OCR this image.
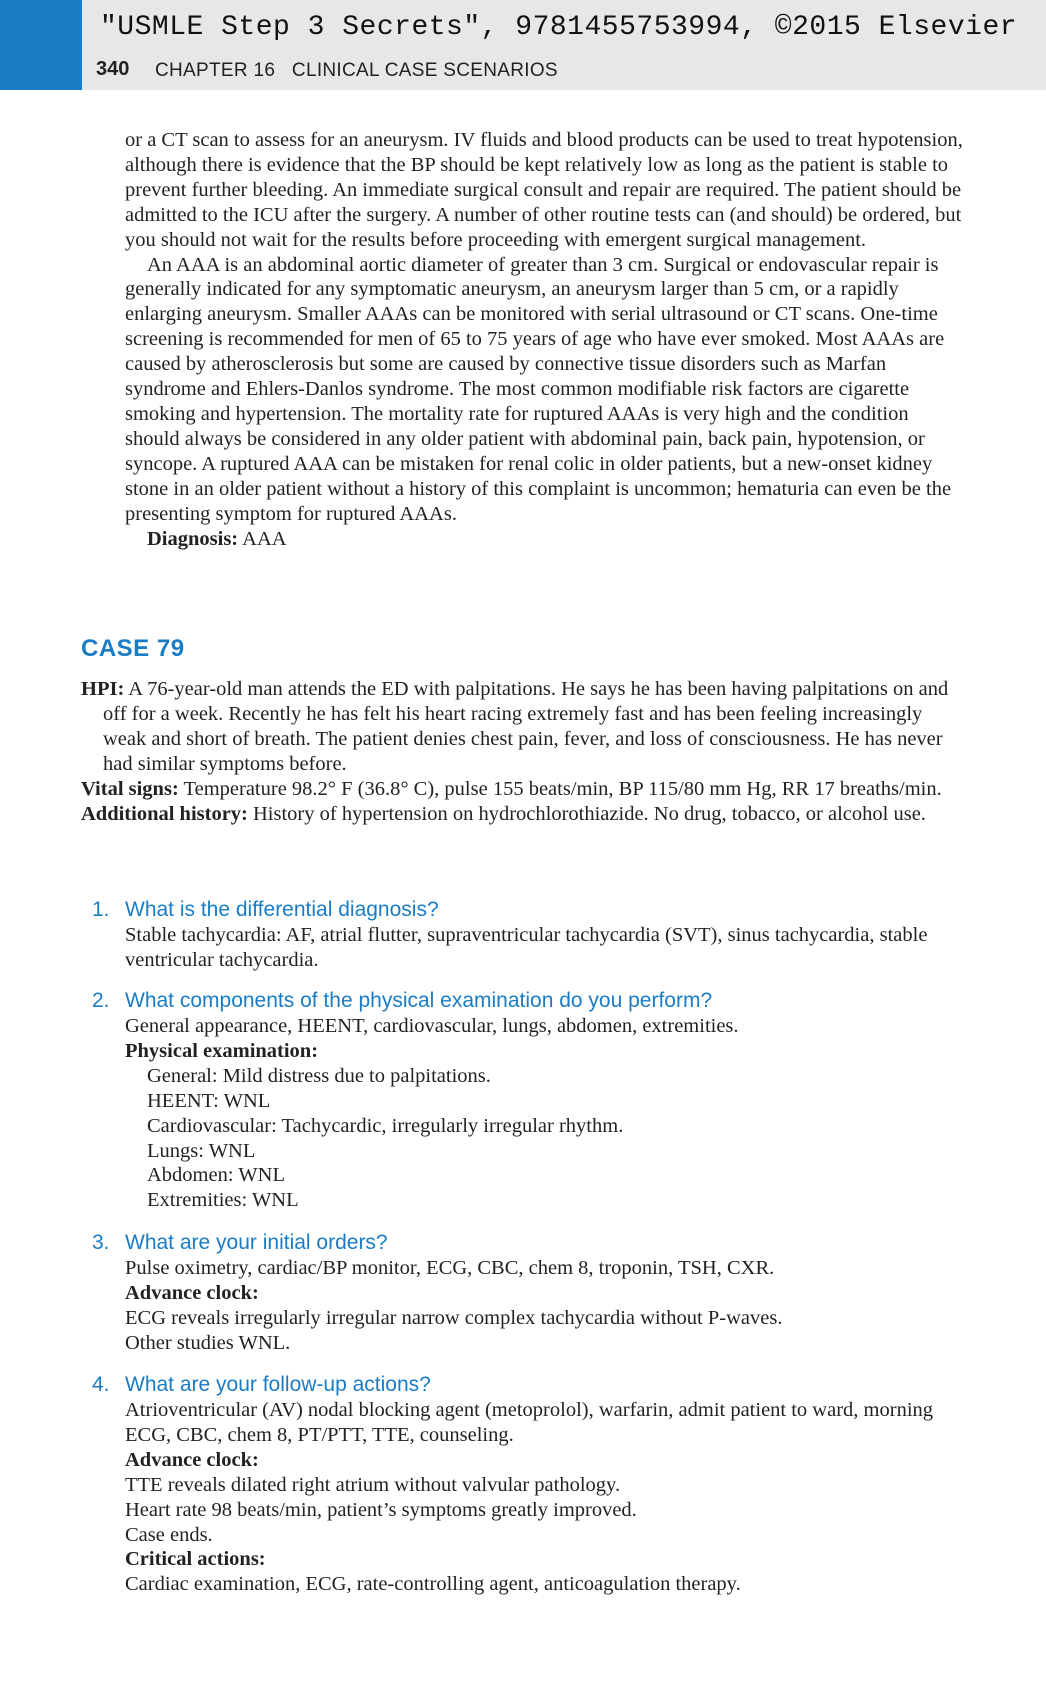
"USMLE Step 3 Secrets", 9781455753994, ©2015 Elsevier
340 CHAPTER 16   CLINICAL CASE SCENARIOS

or a CT scan to assess for an aneurysm. IV fluids and blood products can be used to treat hypotension, although there is evidence that the BP should be kept relatively low as long as the patient is stable to prevent further bleeding. An immediate surgical consult and repair are required. The patient should be admitted to the ICU after the surgery. A number of other routine tests can (and should) be ordered, but you should not wait for the results before proceeding with emergent surgical management.

An AAA is an abdominal aortic diameter of greater than 3 cm. Surgical or endovascular repair is generally indicated for any symptomatic aneurysm, an aneurysm larger than 5 cm, or a rapidly enlarging aneurysm. Smaller AAAs can be monitored with serial ultrasound or CT scans. One-time screening is recommended for men of 65 to 75 years of age who have ever smoked. Most AAAs are caused by atherosclerosis but some are caused by connective tissue disorders such as Marfan syndrome and Ehlers-Danlos syndrome. The most common modifiable risk factors are cigarette smoking and hypertension. The mortality rate for ruptured AAAs is very high and the condition should always be considered in any older patient with abdominal pain, back pain, hypotension, or syncope. A ruptured AAA can be mistaken for renal colic in older patients, but a new-onset kidney stone in an older patient without a history of this complaint is uncommon; hematuria can even be the presenting symptom for ruptured AAAs.

Diagnosis: AAA

CASE 79

HPI: A 76-year-old man attends the ED with palpitations. He says he has been having palpitations on and off for a week. Recently he has felt his heart racing extremely fast and has been feeling increasingly weak and short of breath. The patient denies chest pain, fever, and loss of consciousness. He has never had similar symptoms before.

Vital signs: Temperature 98.2° F (36.8° C), pulse 155 beats/min, BP 115/80 mm Hg, RR 17 breaths/min.

Additional history: History of hypertension on hydrochlorothiazide. No drug, tobacco, or alcohol use.

1. What is the differential diagnosis?

Stable tachycardia: AF, atrial flutter, supraventricular tachycardia (SVT), sinus tachycardia, stable ventricular tachycardia.

2. What components of the physical examination do you perform?

General appearance, HEENT, cardiovascular, lungs, abdomen, extremities.

Physical examination:

General: Mild distress due to palpitations.

HEENT: WNL

Cardiovascular: Tachycardic, irregularly irregular rhythm.

Lungs: WNL

Abdomen: WNL

Extremities: WNL

3. What are your initial orders?

Pulse oximetry, cardiac/BP monitor, ECG, CBC, chem 8, troponin, TSH, CXR.

Advance clock:

ECG reveals irregularly irregular narrow complex tachycardia without P-waves.

Other studies WNL.

4. What are your follow-up actions?

Atrioventricular (AV) nodal blocking agent (metoprolol), warfarin, admit patient to ward, morning ECG, CBC, chem 8, PT/PTT, TTE, counseling.

Advance clock:

TTE reveals dilated right atrium without valvular pathology.

Heart rate 98 beats/min, patient’s symptoms greatly improved.

Case ends.

Critical actions:

Cardiac examination, ECG, rate-controlling agent, anticoagulation therapy.
